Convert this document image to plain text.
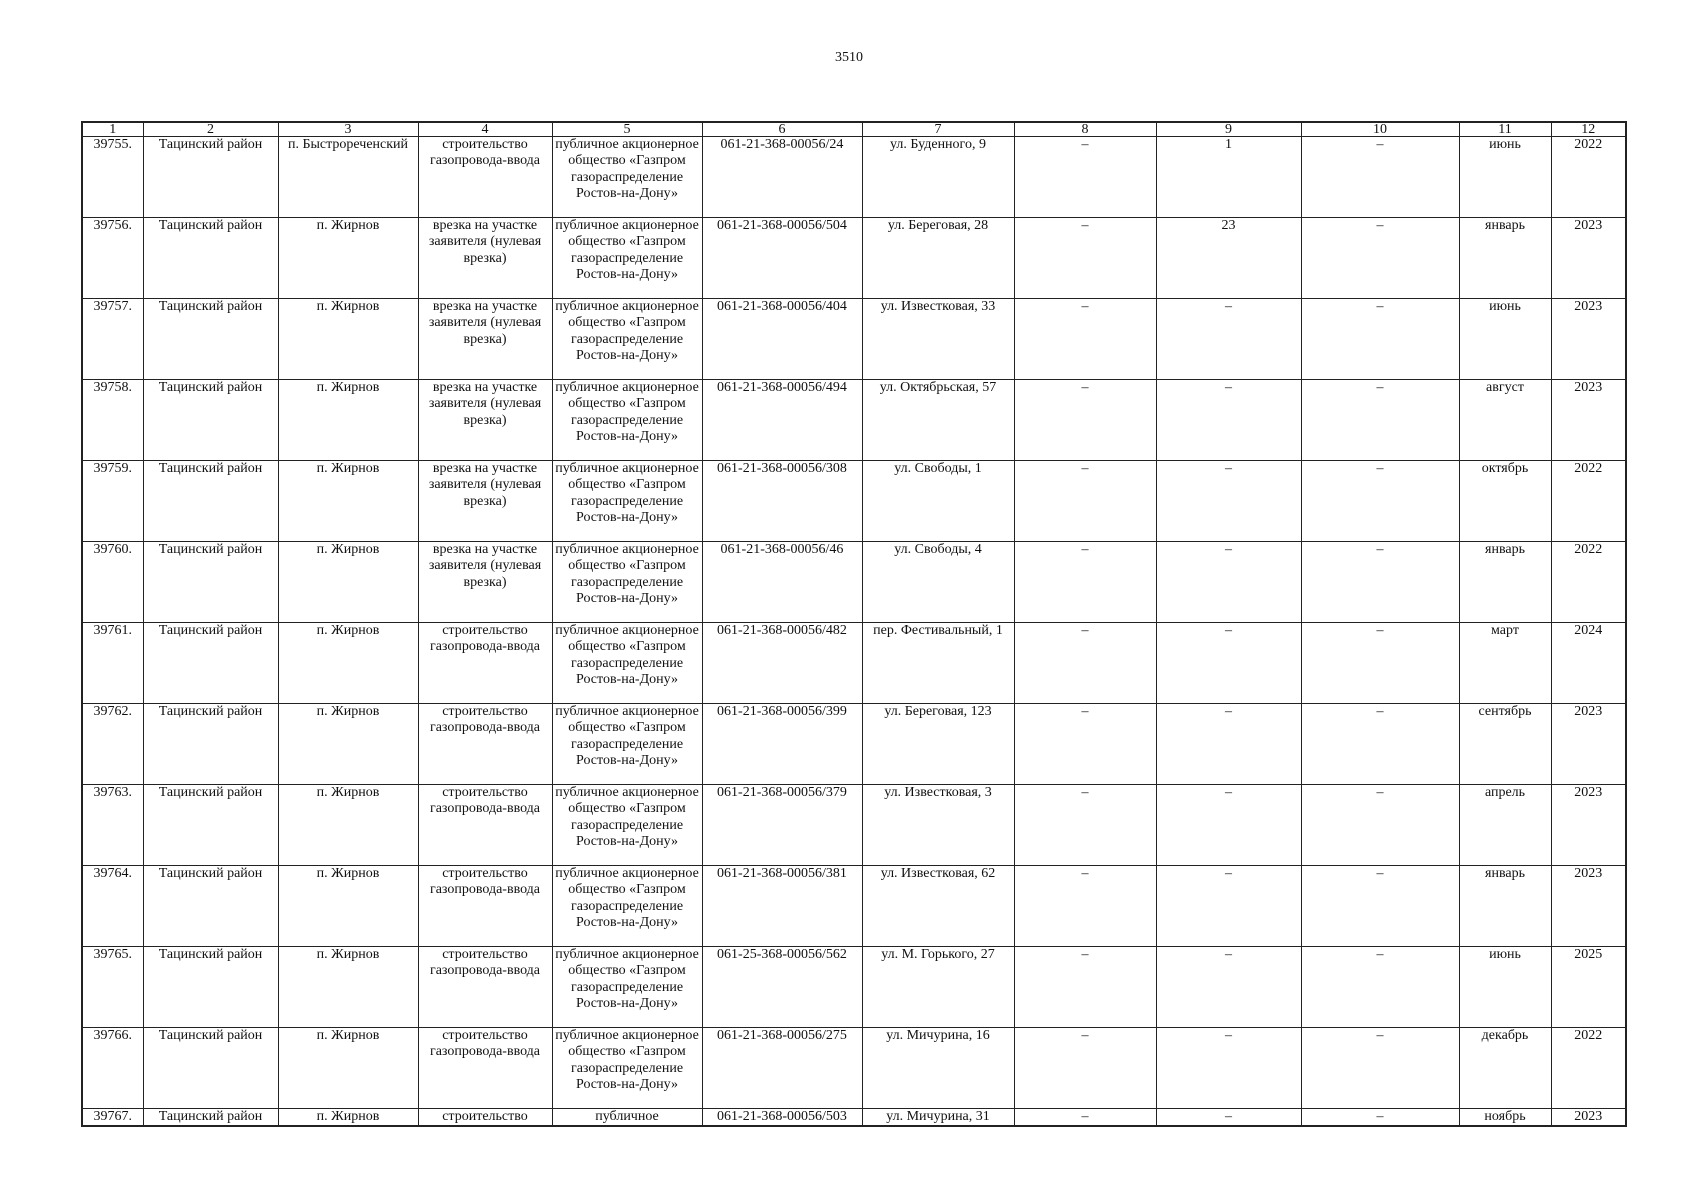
3510
1	2	3	4	5	6	7	8	9	10	11	12
39755.	Тацинский район	п. Быстрореченский	строительство газопровода-ввода	публичное акционерное общество «Газпром газораспределение Ростов-на-Дону»	061-21-368-00056/24	ул. Буденного, 9	–	1	–	июнь	2022
39756.	Тацинский район	п. Жирнов	врезка на участке заявителя (нулевая врезка)	публичное акционерное общество «Газпром газораспределение Ростов-на-Дону»	061-21-368-00056/504	ул. Береговая, 28	–	23	–	январь	2023
39757.	Тацинский район	п. Жирнов	врезка на участке заявителя (нулевая врезка)	публичное акционерное общество «Газпром газораспределение Ростов-на-Дону»	061-21-368-00056/404	ул. Известковая, 33	–	–	–	июнь	2023
39758.	Тацинский район	п. Жирнов	врезка на участке заявителя (нулевая врезка)	публичное акционерное общество «Газпром газораспределение Ростов-на-Дону»	061-21-368-00056/494	ул. Октябрьская, 57	–	–	–	август	2023
39759.	Тацинский район	п. Жирнов	врезка на участке заявителя (нулевая врезка)	публичное акционерное общество «Газпром газораспределение Ростов-на-Дону»	061-21-368-00056/308	ул. Свободы, 1	–	–	–	октябрь	2022
39760.	Тацинский район	п. Жирнов	врезка на участке заявителя (нулевая врезка)	публичное акционерное общество «Газпром газораспределение Ростов-на-Дону»	061-21-368-00056/46	ул. Свободы, 4	–	–	–	январь	2022
39761.	Тацинский район	п. Жирнов	строительство газопровода-ввода	публичное акционерное общество «Газпром газораспределение Ростов-на-Дону»	061-21-368-00056/482	пер. Фестивальный, 1	–	–	–	март	2024
39762.	Тацинский район	п. Жирнов	строительство газопровода-ввода	публичное акционерное общество «Газпром газораспределение Ростов-на-Дону»	061-21-368-00056/399	ул. Береговая, 123	–	–	–	сентябрь	2023
39763.	Тацинский район	п. Жирнов	строительство газопровода-ввода	публичное акционерное общество «Газпром газораспределение Ростов-на-Дону»	061-21-368-00056/379	ул. Известковая, 3	–	–	–	апрель	2023
39764.	Тацинский район	п. Жирнов	строительство газопровода-ввода	публичное акционерное общество «Газпром газораспределение Ростов-на-Дону»	061-21-368-00056/381	ул. Известковая, 62	–	–	–	январь	2023
39765.	Тацинский район	п. Жирнов	строительство газопровода-ввода	публичное акционерное общество «Газпром газораспределение Ростов-на-Дону»	061-25-368-00056/562	ул. М. Горького, 27	–	–	–	июнь	2025
39766.	Тацинский район	п. Жирнов	строительство газопровода-ввода	публичное акционерное общество «Газпром газораспределение Ростов-на-Дону»	061-21-368-00056/275	ул. Мичурина, 16	–	–	–	декабрь	2022
39767.	Тацинский район	п. Жирнов	строительство	публичное	061-21-368-00056/503	ул. Мичурина, 31	–	–	–	ноябрь	2023
